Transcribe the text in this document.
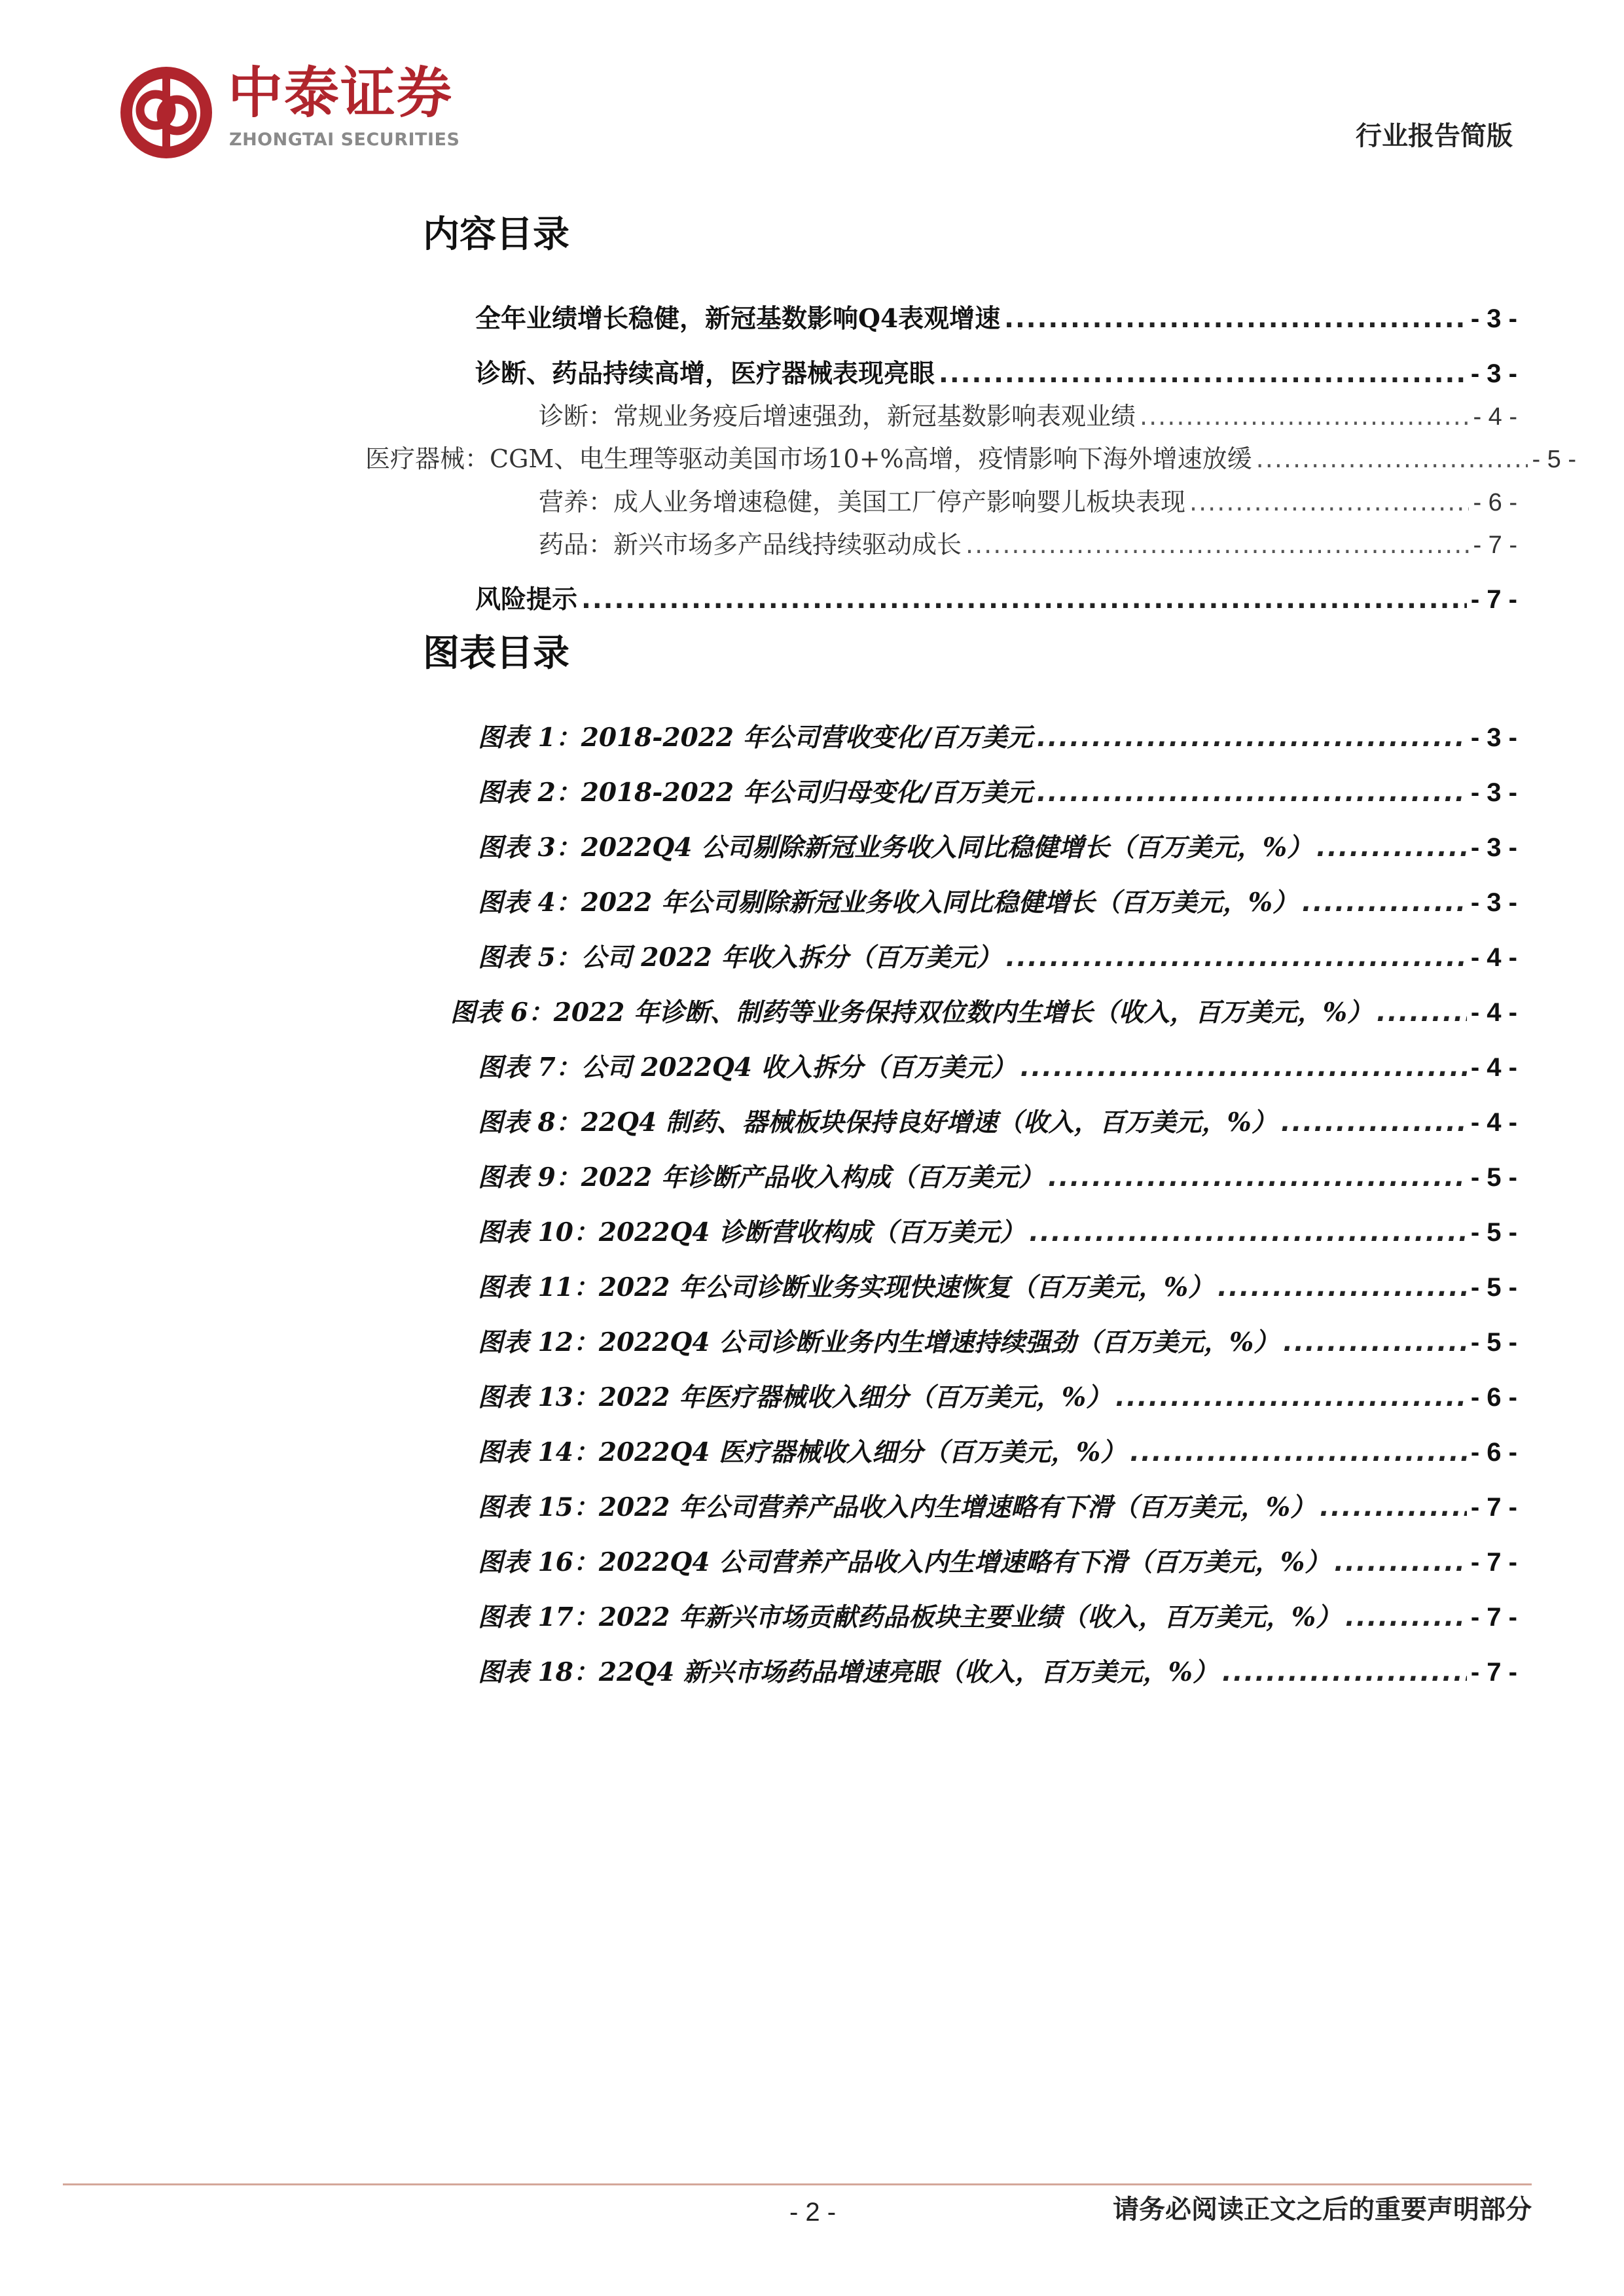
中泰证券
ZHONGTAI SECURITIES	行业报告简版
内容目录
全年业绩增长稳健，新冠基数影响Q4表观增速 .....	- 3 -
诊断、药品持续高增，医疗器械表现亮眼 .....	- 3 -
诊断：常规业务疫后增速强劲，新冠基数影响表观业绩 .....	- 4 -
医疗器械：CGM、电生理等驱动美国市场10+%高增，疫情影响下海外增速放缓 .....	- 5 -
营养：成人业务增速稳健，美国工厂停产影响婴儿板块表现 .....	- 6 -
药品：新兴市场多产品线持续驱动成长 .....	- 7 -
风险提示 .....	- 7 -
图表目录
图表 1：2018-2022 年公司营收变化/百万美元 .....	- 3 -
图表 2：2018-2022 年公司归母变化/百万美元 .....	- 3 -
图表 3：2022Q4 公司剔除新冠业务收入同比稳健增长（百万美元，%） .....	- 3 -
图表 4：2022 年公司剔除新冠业务收入同比稳健增长（百万美元，%） .....	- 3 -
图表 5：公司 2022 年收入拆分（百万美元） .....	- 4 -
图表 6：2022 年诊断、制药等业务保持双位数内生增长（收入，百万美元，%） .....	- 4 -
图表 7：公司 2022Q4 收入拆分（百万美元） .....	- 4 -
图表 8：22Q4 制药、器械板块保持良好增速（收入，百万美元，%） .....	- 4 -
图表 9：2022 年诊断产品收入构成（百万美元） .....	- 5 -
图表 10：2022Q4 诊断营收构成（百万美元） .....	- 5 -
图表 11：2022 年公司诊断业务实现快速恢复（百万美元，%） .....	- 5 -
图表 12：2022Q4 公司诊断业务内生增速持续强劲（百万美元，%） .....	- 5 -
图表 13：2022 年医疗器械收入细分（百万美元，%） .....	- 6 -
图表 14：2022Q4 医疗器械收入细分（百万美元，%） .....	- 6 -
图表 15：2022 年公司营养产品收入内生增速略有下滑（百万美元，%） .....	- 7 -
图表 16：2022Q4 公司营养产品收入内生增速略有下滑（百万美元，%） .....	- 7 -
图表 17：2022 年新兴市场贡献药品板块主要业绩（收入，百万美元，%） .....	- 7 -
图表 18：22Q4 新兴市场药品增速亮眼（收入，百万美元，%） .....	- 7 -
- 2 -	请务必阅读正文之后的重要声明部分
